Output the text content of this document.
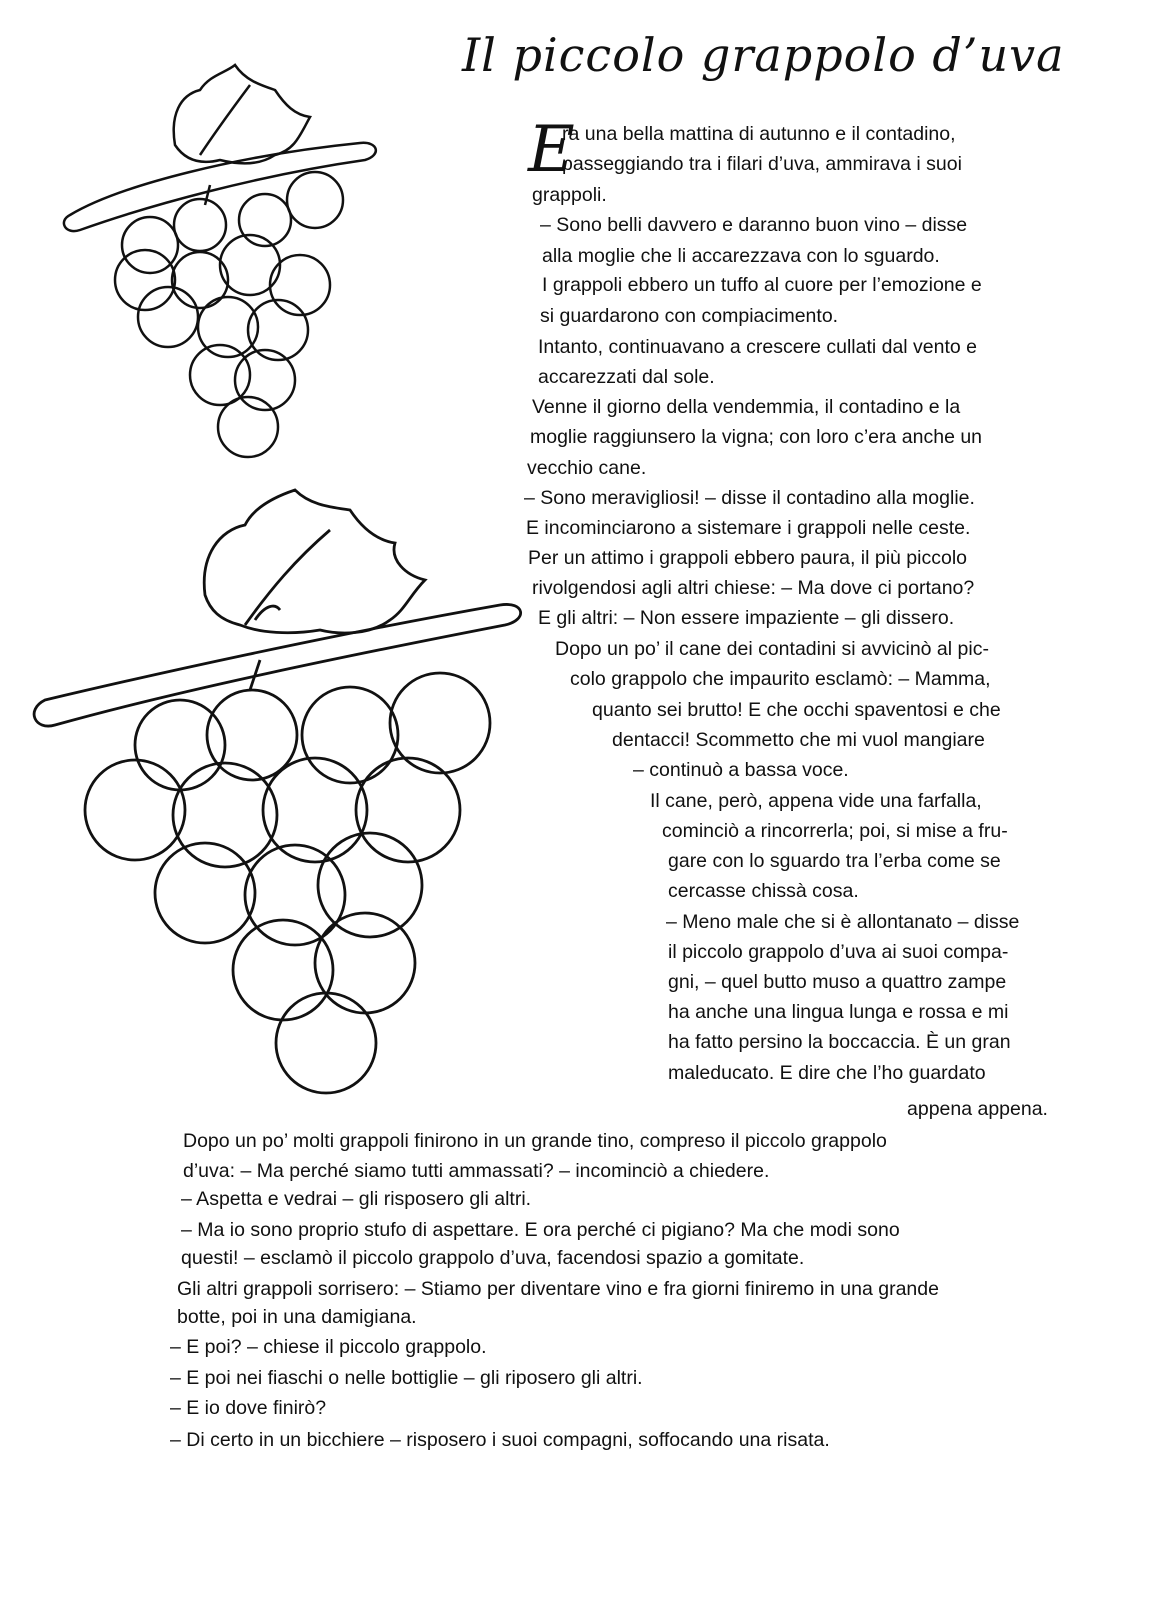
Il piccolo grappolo d’uva
E
ra una bella mattina di autunno e il contadino,
passeggiando tra i filari d’uva, ammirava i suoi
grappoli.
– Sono belli davvero e daranno buon vino – disse
alla moglie che li accarezzava con lo sguardo.
I grappoli ebbero un tuffo al cuore per l’emozione e
si guardarono con compiacimento.
Intanto, continuavano a crescere cullati dal vento e
accarezzati dal sole.
Venne il giorno della vendemmia, il contadino e la
moglie raggiunsero la vigna; con loro c’era anche un
vecchio cane.
– Sono meravigliosi! – disse il contadino alla moglie.
E incominciarono a sistemare i grappoli nelle ceste.
Per un attimo i grappoli ebbero paura, il più piccolo
rivolgendosi agli altri chiese: – Ma dove ci portano?
E gli altri: – Non essere impaziente – gli dissero.
Dopo un po’ il cane dei contadini si avvicinò al pic-
colo grappolo che impaurito esclamò: – Mamma,
quanto sei brutto! E che occhi spaventosi e che
dentacci! Scommetto che mi vuol mangiare
– continuò a bassa voce.
Il cane, però, appena vide una farfalla,
cominciò a rincorrerla; poi, si mise a fru-
gare con lo sguardo tra l’erba come se
cercasse chissà cosa.
– Meno male che si è allontanato – disse
il piccolo grappolo d’uva ai suoi compa-
gni, – quel butto muso a quattro zampe
ha anche una lingua lunga e rossa e mi
ha fatto persino la boccaccia. È un gran
maleducato. E dire che l’ho guardato
appena appena.
Dopo un po’ molti grappoli finirono in un grande tino, compreso il piccolo grappolo
d’uva: – Ma perché siamo tutti ammassati? – incominciò a chiedere.
– Aspetta e vedrai – gli risposero gli altri.
– Ma io sono proprio stufo di aspettare. E ora perché ci pigiano? Ma che modi sono
questi! – esclamò il piccolo grappolo d’uva, facendosi spazio a gomitate.
Gli altri grappoli sorrisero: – Stiamo per diventare vino e fra giorni finiremo in una grande
botte, poi in una damigiana.
– E poi? – chiese il piccolo grappolo.
– E poi nei fiaschi o nelle bottiglie – gli riposero gli altri.
– E io dove finirò?
– Di certo in un bicchiere – risposero i suoi compagni, soffocando una risata.
